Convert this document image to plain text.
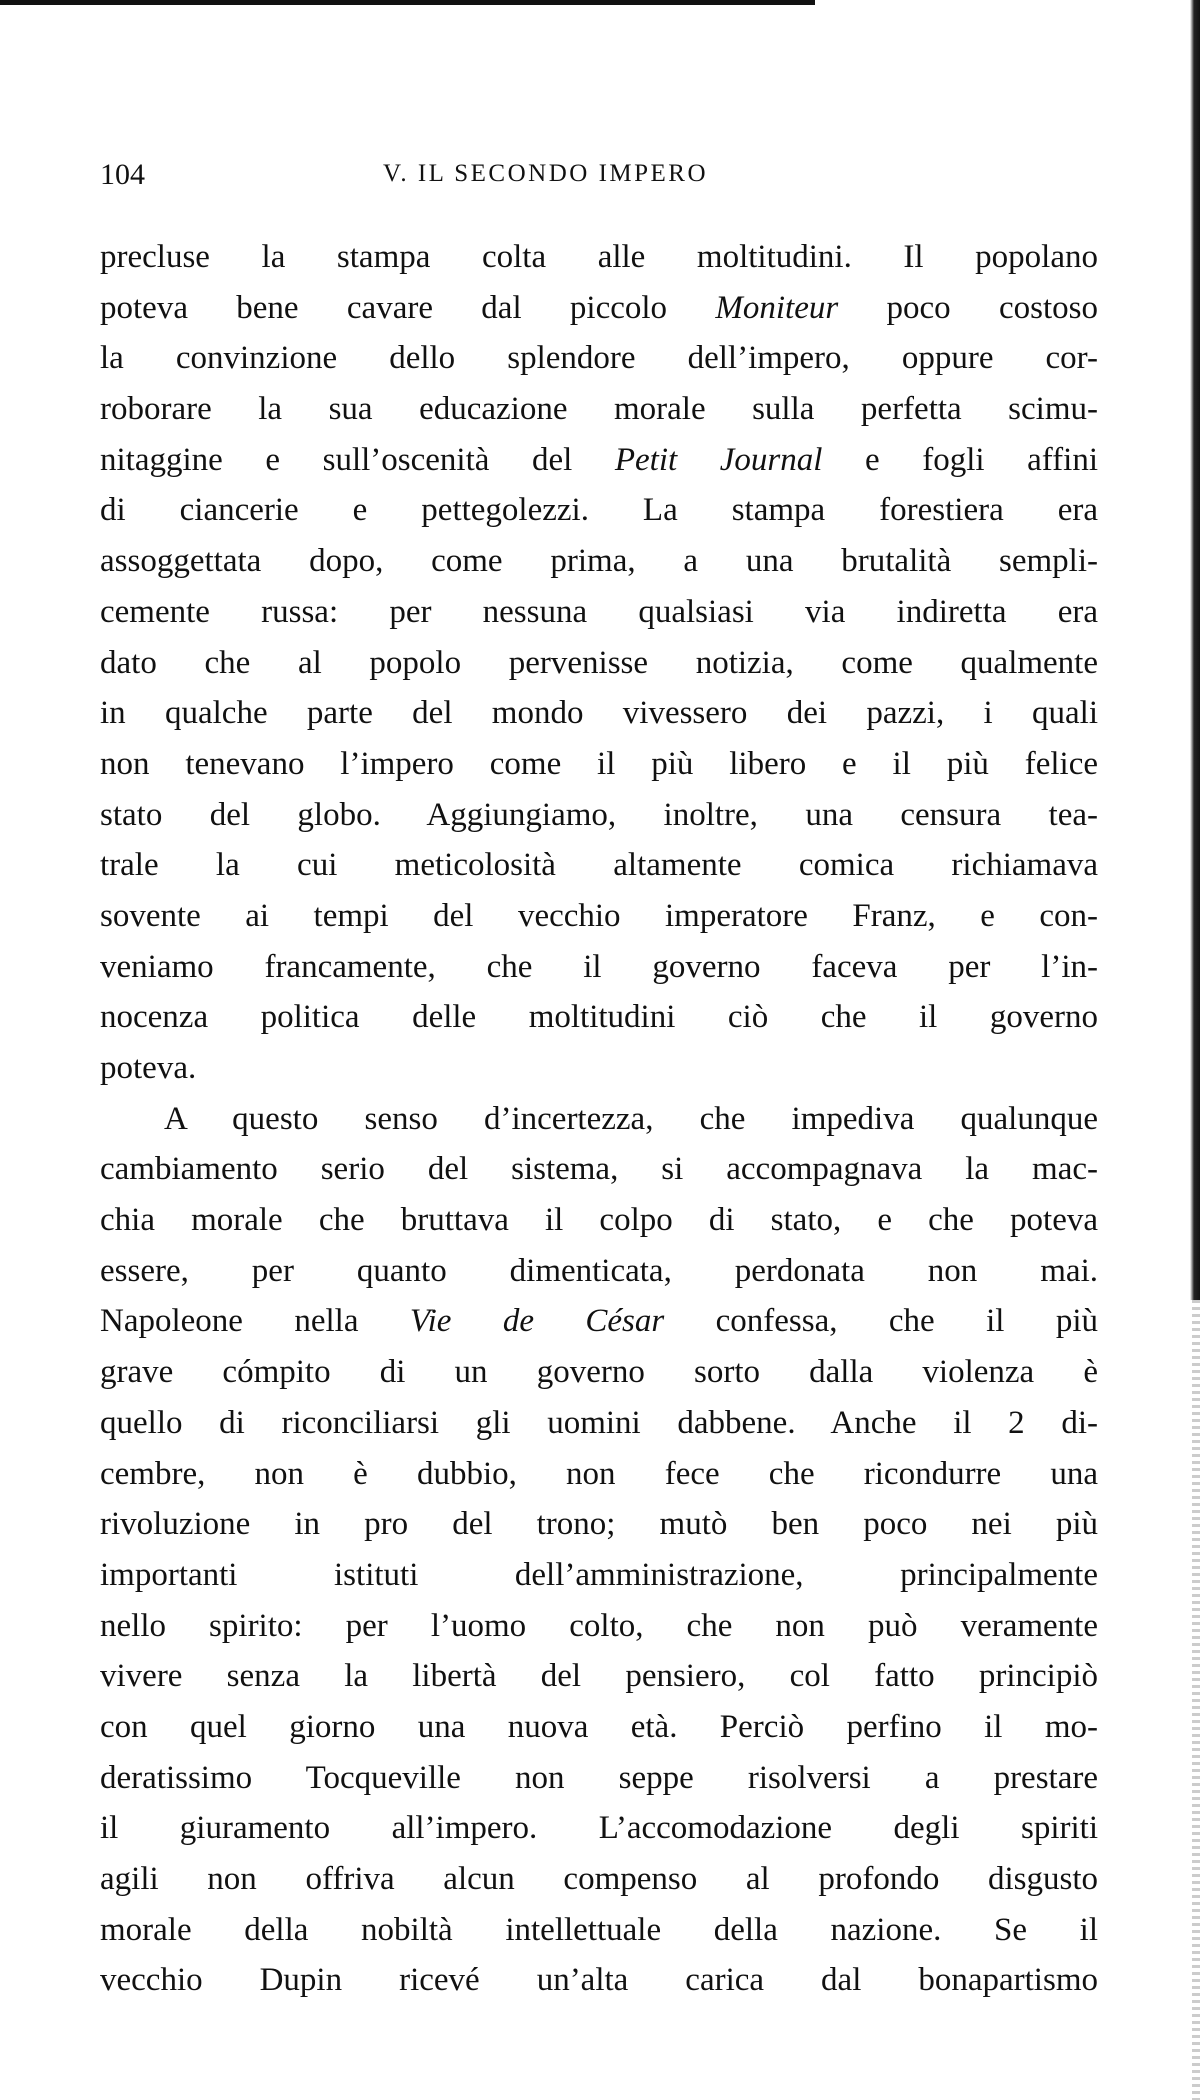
104	V. IL SECONDO IMPERO
precluse la stampa colta alle moltitudini. Il popolano
poteva bene cavare dal piccolo Moniteur poco costoso
la convinzione dello splendore dell’impero, oppure cor-
roborare la sua educazione morale sulla perfetta scimu-
nitaggine e sull’oscenità del Petit Journal e fogli affini
di ciancerie e pettegolezzi. La stampa forestiera era
assoggettata dopo, come prima, a una brutalità sempli-
cemente russa: per nessuna qualsiasi via indiretta era
dato che al popolo pervenisse notizia, come qualmente
in qualche parte del mondo vivessero dei pazzi, i quali
non tenevano l’impero come il più libero e il più felice
stato del globo. Aggiungiamo, inoltre, una censura tea-
trale la cui meticolosità altamente comica richiamava
sovente ai tempi del vecchio imperatore Franz, e con-
veniamo francamente, che il governo faceva per l’in-
nocenza politica delle moltitudini ciò che il governo
poteva.
A questo senso d’incertezza, che impediva qualunque
cambiamento serio del sistema, si accompagnava la mac-
chia morale che bruttava il colpo di stato, e che poteva
essere, per quanto dimenticata, perdonata non mai.
Napoleone nella Vie de César confessa, che il più
grave cómpito di un governo sorto dalla violenza è
quello di riconciliarsi gli uomini dabbene. Anche il 2 di-
cembre, non è dubbio, non fece che ricondurre una
rivoluzione in pro del trono; mutò ben poco nei più
importanti istituti dell’amministrazione, principalmente
nello spirito: per l’uomo colto, che non può veramente
vivere senza la libertà del pensiero, col fatto principiò
con quel giorno una nuova età. Perciò perfino il mo-
deratissimo Tocqueville non seppe risolversi a prestare
il giuramento all’impero. L’accomodazione degli spiriti
agili non offriva alcun compenso al profondo disgusto
morale della nobiltà intellettuale della nazione. Se il
vecchio Dupin ricevé un’alta carica dal bonapartismo
